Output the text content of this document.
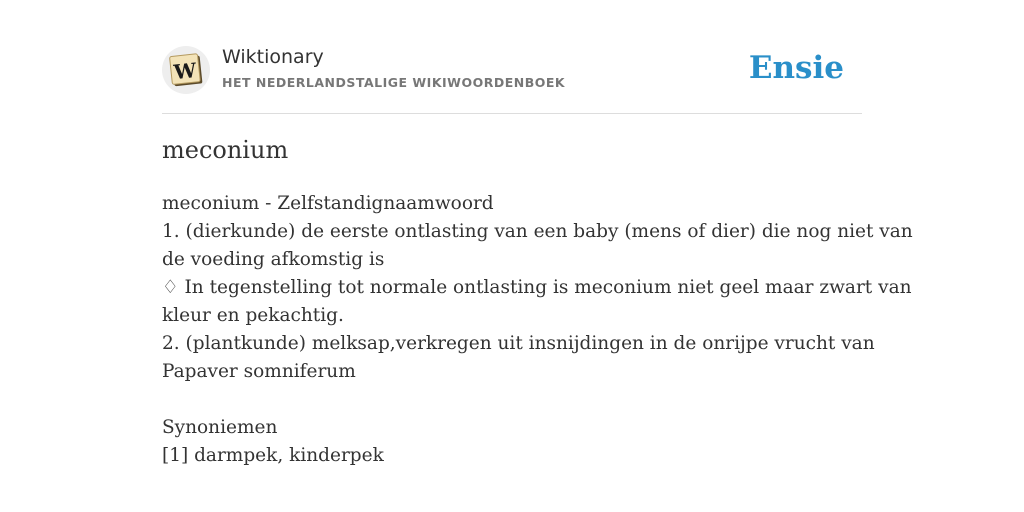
W
Wiktionary
HET NEDERLANDSTALIGE WIKIWOORDENBOEK	Ensie
meconium
meconium - Zelfstandignaamwoord
1. (dierkunde) de eerste ontlasting van een baby (mens of dier) die nog niet van
de voeding afkomstig is
♢ In tegenstelling tot normale ontlasting is meconium niet geel maar zwart van
kleur en pekachtig.
2. (plantkunde) melksap,verkregen uit insnijdingen in de onrijpe vrucht van
Papaver somniferum
Synoniemen
[1] darmpek, kinderpek
